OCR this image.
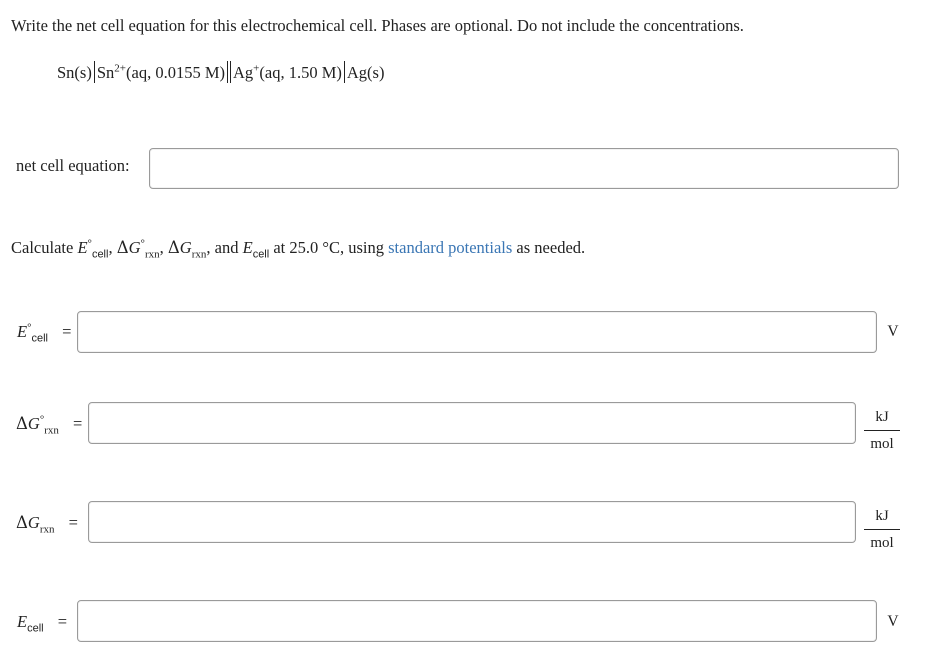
Write the net cell equation for this electrochemical cell. Phases are optional. Do not include the concentrations.
Sn(s) $Sn^{2+}(aq$, 0.0155 M) Ag+(aq, 1.50 M) Ag(s)
net cell equation:
Calculate $E^\circ_{cell}$, $\Delta G^\circ_{rxn}$, $\Delta G_{rxn}$, and $E_{cell}$ at 25.0 °C, using standard potentials as needed.
$E^\circ_{cell}$ =	V
$\Delta G^\circ_{rxn}$ =	kJ
mol
$\Delta G_{rxn}$ =	kJ
mol
$E_{cell}$ =	V
